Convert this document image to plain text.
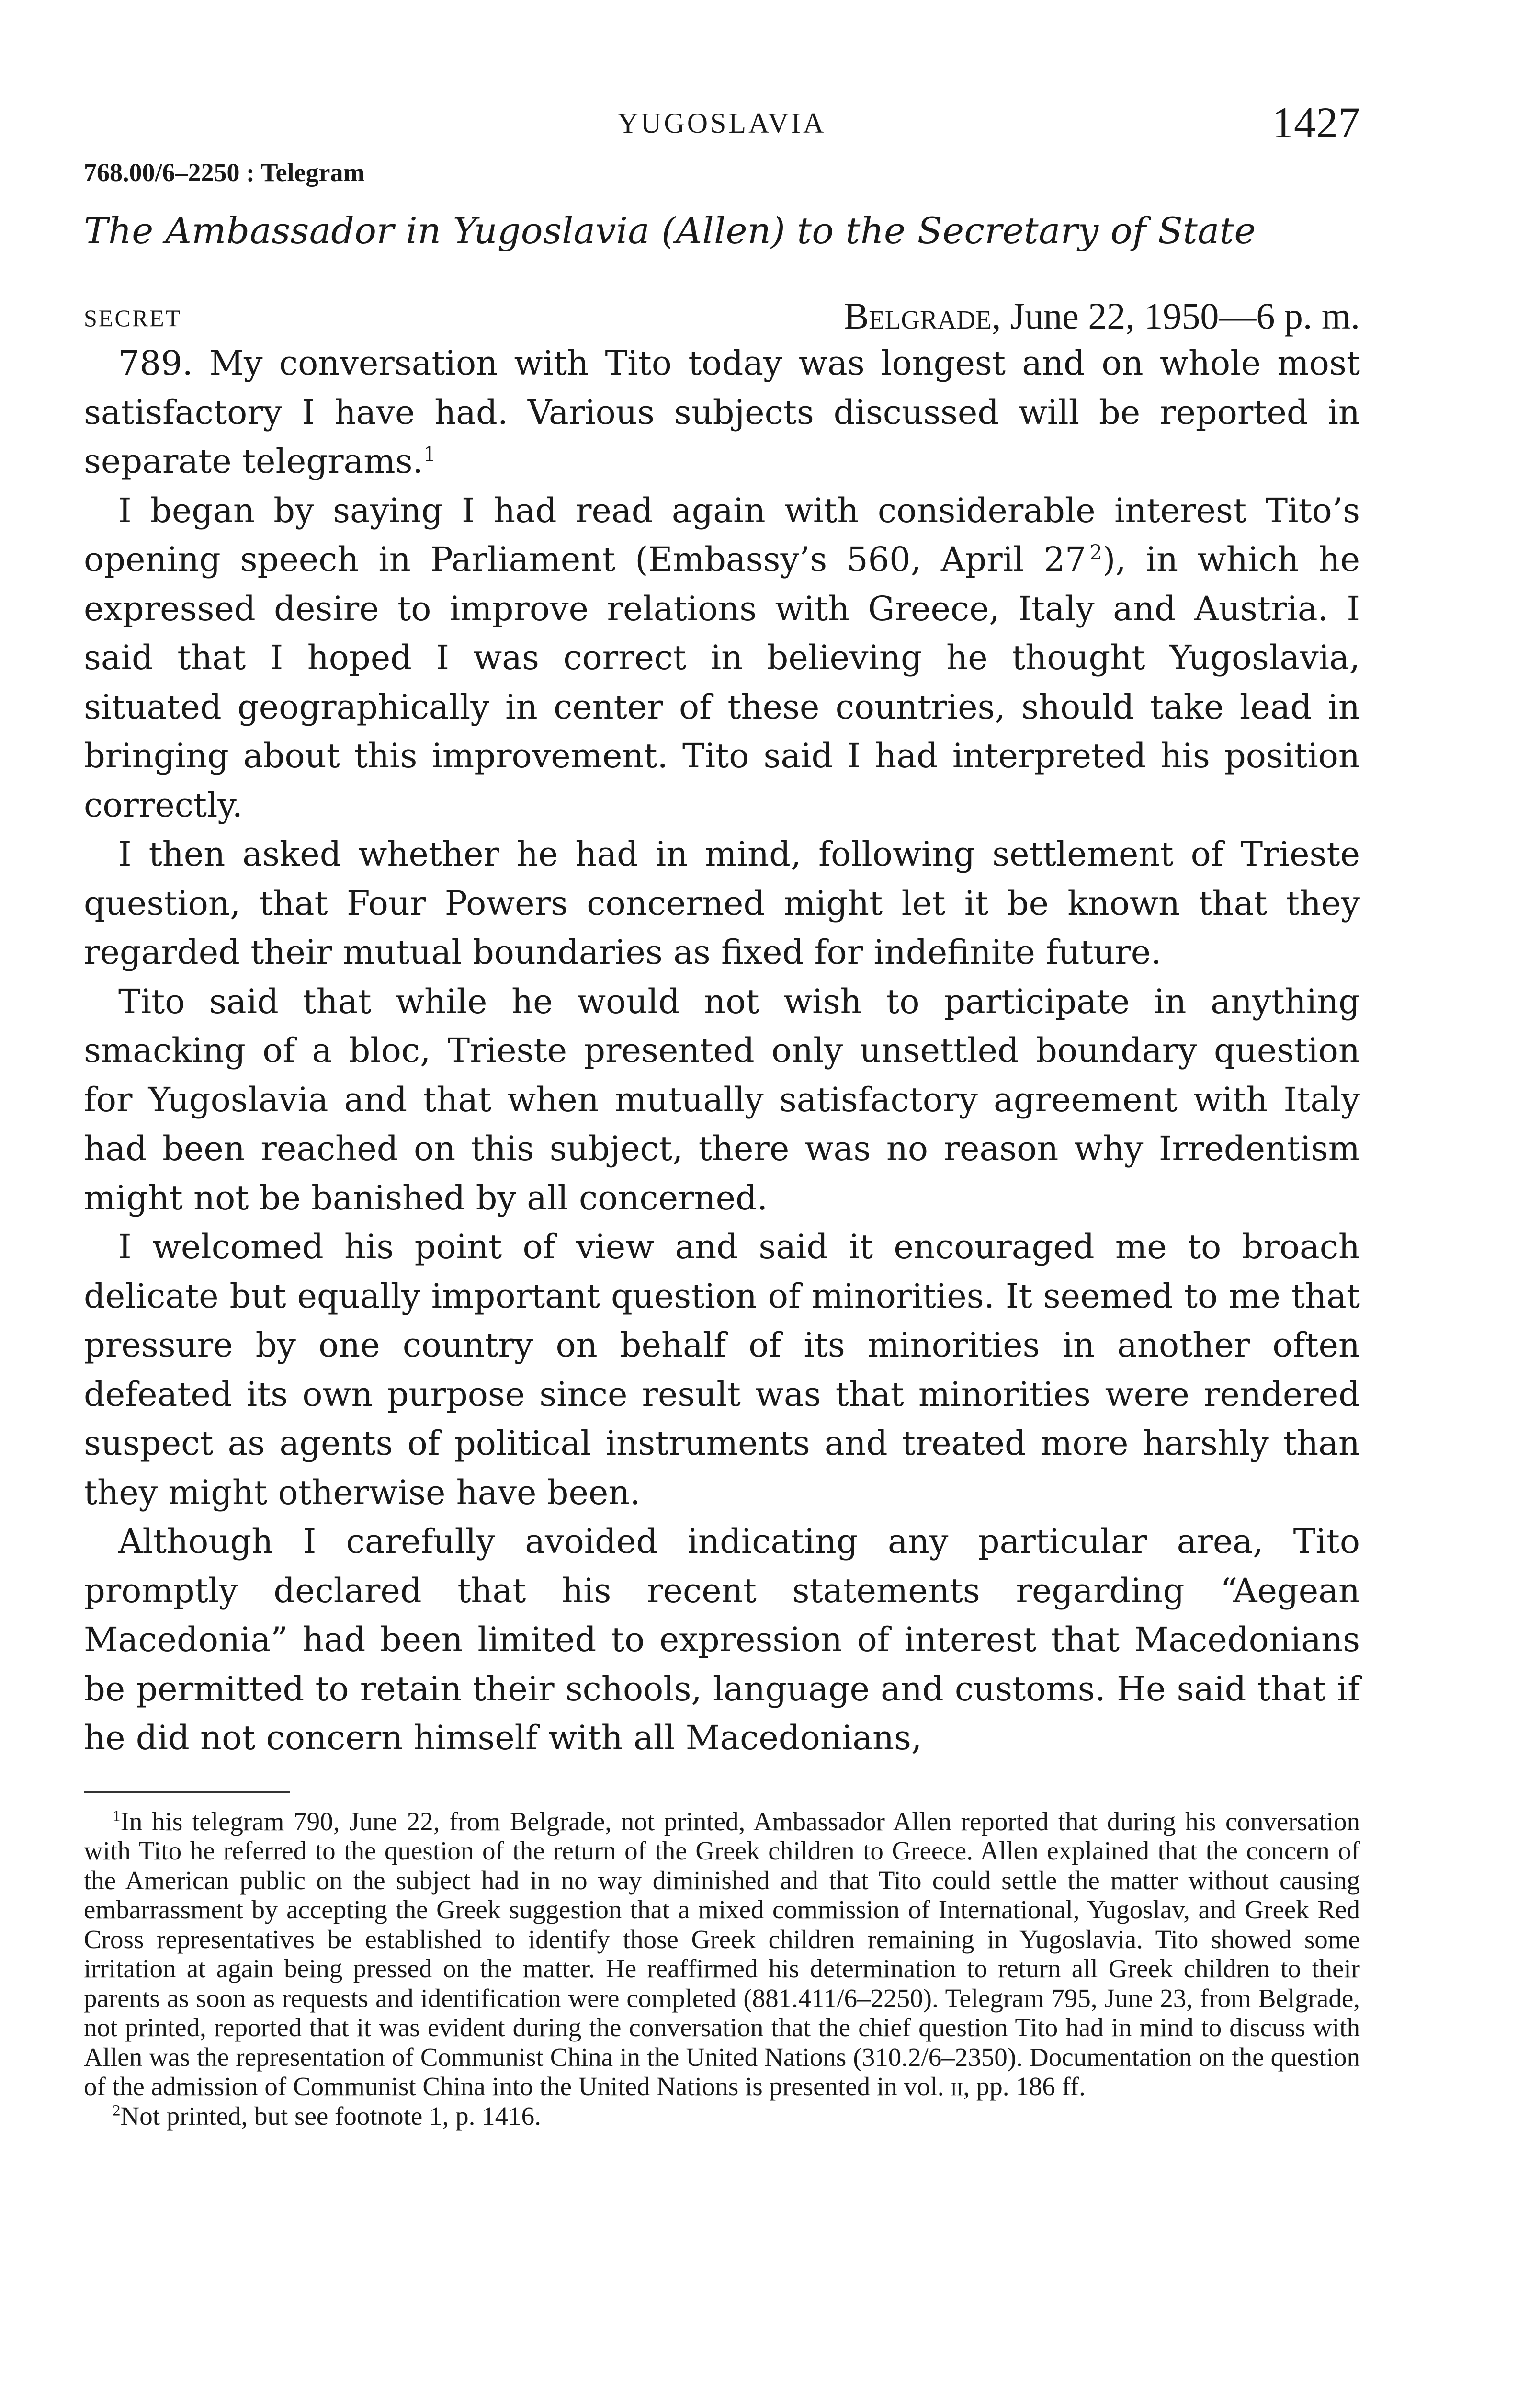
YUGOSLAVIA	1427
768.00/6–2250 : Telegram
The Ambassador in Yugoslavia (Allen) to the Secretary of State
SECRET	Belgrade, June 22, 1950—6 p. m.

789. My conversation with Tito today was longest and on whole most satisfactory I have had. Various subjects discussed will be reported in separate telegrams.$^1$

I began by saying I had read again with considerable interest Tito’s opening speech in Parliament (Embassy’s 560, April 27  $^2$), in which he expressed desire to improve relations with Greece, Italy and Austria. I said that I hoped I was correct in believing he thought Yugoslavia, situated geographically in center of these countries, should take lead in bringing about this improvement. Tito said I had interpreted his position correctly.

I then asked whether he had in mind, following settlement of Trieste question, that Four Powers concerned might let it be known that they regarded their mutual boundaries as fixed for indefinite future.

Tito said that while he would not wish to participate in anything smacking of a bloc, Trieste presented only unsettled boundary question for Yugoslavia and that when mutually satisfactory agreement with Italy had been reached on this subject, there was no reason why Irredentism might not be banished by all concerned.

I welcomed his point of view and said it encouraged me to broach delicate but equally important question of minorities. It seemed to me that pressure by one country on behalf of its minorities in another often defeated its own purpose since result was that minorities were rendered suspect as agents of political instruments and treated more harshly than they might otherwise have been.

Although I carefully avoided indicating any particular area, Tito promptly declared that his recent statements regarding “Aegean Macedonia” had been limited to expression of interest that Macedonians be permitted to retain their schools, language and customs. He said that if he did not concern himself with all Macedonians,

$^1$In his telegram 790, June 22, from Belgrade, not printed, Ambassador Allen reported that during his conversation with Tito he referred to the question of the return of the Greek children to Greece. Allen explained that the concern of the American public on the subject had in no way diminished and that Tito could settle the matter without causing embarrassment by accepting the Greek suggestion that a mixed commission of International, Yugoslav, and Greek Red Cross representatives be established to identify those Greek children remaining in Yugoslavia. Tito showed some irritation at again being pressed on the matter. He reaffirmed his determination to return all Greek children to their parents as soon as requests and identification were completed (881.411/6–2250). Telegram 795, June 23, from Belgrade, not printed, reported that it was evident during the conversation that the chief question Tito had in mind to discuss with Allen was the representation of Communist China in the United Nations (310.2/6–2350). Documentation on the question of the admission of Communist China into the United Nations is presented in vol. ii, pp. 186 ff.

$^2$Not printed, but see footnote 1, p. 1416.
